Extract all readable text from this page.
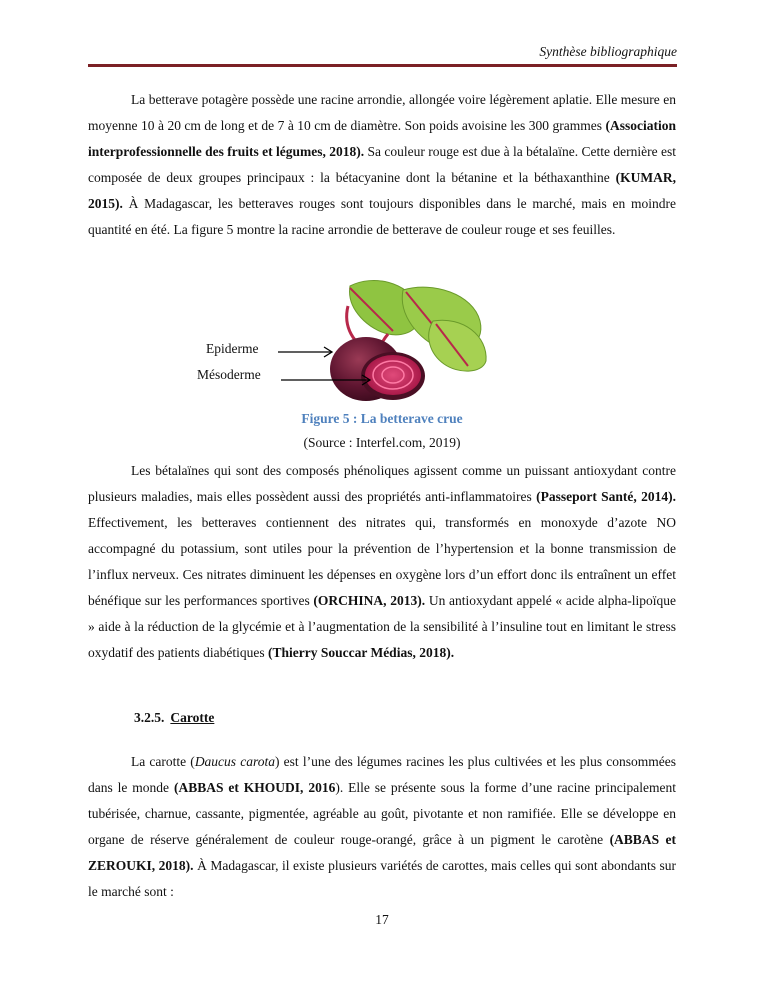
Synthèse bibliographique

La betterave potagère possède une racine arrondie, allongée voire légèrement aplatie. Elle mesure en moyenne 10 à 20 cm de long et de 7 à 10 cm de diamètre. Son poids avoisine les 300 grammes (Association interprofessionnelle des fruits et légumes, 2018). Sa couleur rouge est due à la bétalaïne. Cette dernière est composée de deux groupes principaux : la bétacyanine dont la bétanine et la béthaxanthine (KUMAR, 2015). À Madagascar, les betteraves rouges sont toujours disponibles dans le marché, mais en moindre quantité en été. La figure 5 montre la racine arrondie de betterave de couleur rouge et ses feuilles.

Epiderme
Mésoderme
Figure 5 : La betterave crue
(Source : Interfel.com, 2019)

Les bétalaïnes qui sont des composés phénoliques agissent comme un puissant antioxydant contre plusieurs maladies, mais elles possèdent aussi des propriétés anti-inflammatoires (Passeport Santé, 2014). Effectivement, les betteraves contiennent des nitrates qui, transformés en monoxyde d’azote NO accompagné du potassium, sont utiles pour la prévention de l’hypertension et la bonne transmission de l’influx nerveux. Ces nitrates diminuent les dépenses en oxygène lors d’un effort donc ils entraînent un effet bénéfique sur les performances sportives (ORCHINA, 2013). Un antioxydant appelé « acide alpha-lipoïque » aide à la réduction de la glycémie et à l’augmentation de la sensibilité à l’insuline tout en limitant le stress oxydatif des patients diabétiques (Thierry Souccar Médias, 2018).

3.2.5. Carotte

La carotte (Daucus carota) est l’une des légumes racines les plus cultivées et les plus consommées dans le monde (ABBAS et KHOUDI, 2016). Elle se présente sous la forme d’une racine principalement tubérisée, charnue, cassante, pigmentée, agréable au goût, pivotante et non ramifiée. Elle se développe en organe de réserve généralement de couleur rouge-orangé, grâce à un pigment le carotène (ABBAS et ZEROUKI, 2018). À Madagascar, il existe plusieurs variétés de carottes, mais celles qui sont abondants sur le marché sont :

17
